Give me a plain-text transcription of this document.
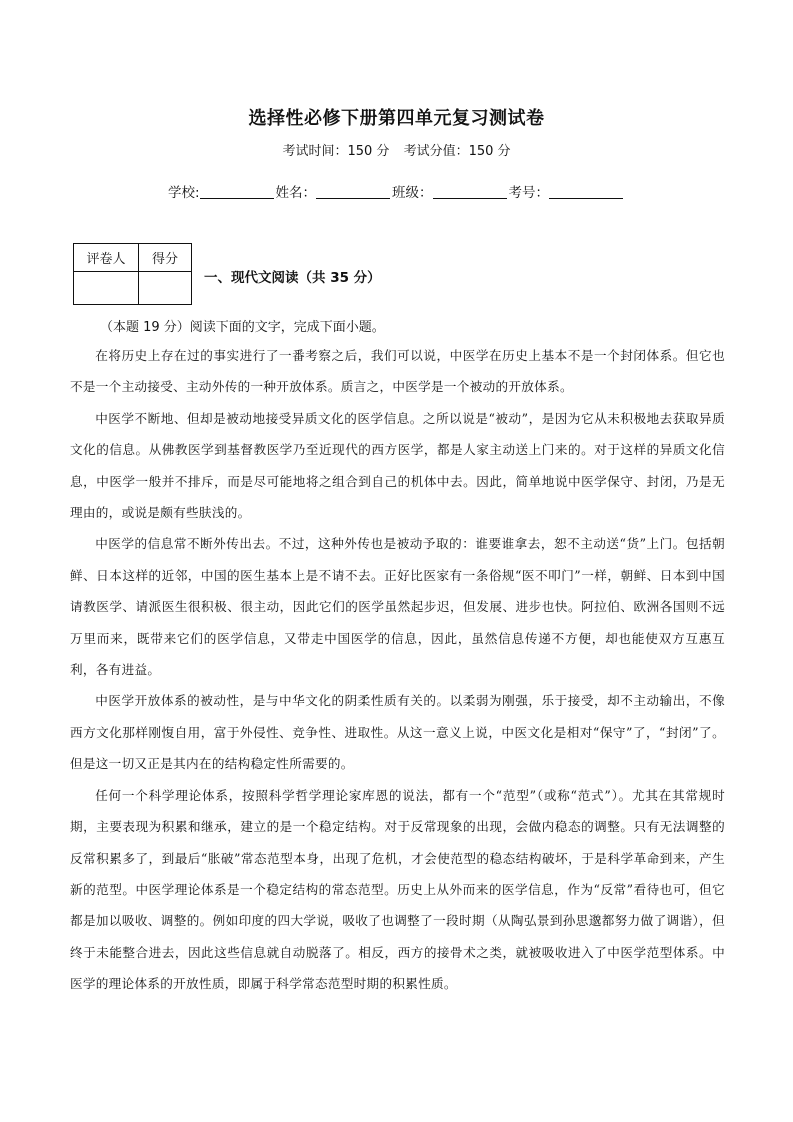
选择性必修下册第四单元复习测试卷
考试时间：150 分 考试分值：150 分
学校:	姓名：	班级：	考号：
评卷人	得分

一、现代文阅读（共 35 分）
（本题 19 分）阅读下面的文字，完成下面小题。

在将历史上存在过的事实进行了一番考察之后，我们可以说，中医学在历史上基本不是一个封闭体系。但它也不是一个主动接受、主动外传的一种开放体系。质言之，中医学是一个被动的开放体系。

中医学不断地、但却是被动地接受异质文化的医学信息。之所以说是“被动”，是因为它从未积极地去获取异质文化的信息。从佛教医学到基督教医学乃至近现代的西方医学，都是人家主动送上门来的。对于这样的异质文化信息，中医学一般并不排斥，而是尽可能地将之组合到自己的机体中去。因此，简单地说中医学保守、封闭，乃是无理由的，或说是颇有些肤浅的。

中医学的信息常不断外传出去。不过，这种外传也是被动予取的：谁要谁拿去，恕不主动送“货”上门。包括朝鲜、日本这样的近邻，中国的医生基本上是不请不去。正好比医家有一条俗规“医不叩门”一样，朝鲜、日本到中国请教医学、请派医生很积极、很主动，因此它们的医学虽然起步迟，但发展、进步也快。阿拉伯、欧洲各国则不远万里而来，既带来它们的医学信息，又带走中国医学的信息，因此，虽然信息传递不方便，却也能使双方互惠互利，各有进益。

中医学开放体系的被动性，是与中华文化的阴柔性质有关的。以柔弱为刚强，乐于接受，却不主动输出，不像西方文化那样刚愎自用，富于外侵性、竞争性、进取性。从这一意义上说，中医文化是相对“保守”了，“封闭”了。但是这一切又正是其内在的结构稳定性所需要的。

任何一个科学理论体系，按照科学哲学理论家库恩的说法，都有一个“范型”（或称“范式”）。尤其在其常规时期，主要表现为积累和继承，建立的是一个稳定结构。对于反常现象的出现，会做内稳态的调整。只有无法调整的反常积累多了，到最后“胀破”常态范型本身，出现了危机，才会使范型的稳态结构破坏，于是科学革命到来，产生新的范型。中医学理论体系是一个稳定结构的常态范型。历史上从外而来的医学信息，作为“反常”看待也可，但它都是加以吸收、调整的。例如印度的四大学说，吸收了也调整了一段时期（从陶弘景到孙思邈都努力做了调谐），但终于未能整合进去，因此这些信息就自动脱落了。相反，西方的接骨术之类，就被吸收进入了中医学范型体系。中医学的理论体系的开放性质，即属于科学常态范型时期的积累性质。
